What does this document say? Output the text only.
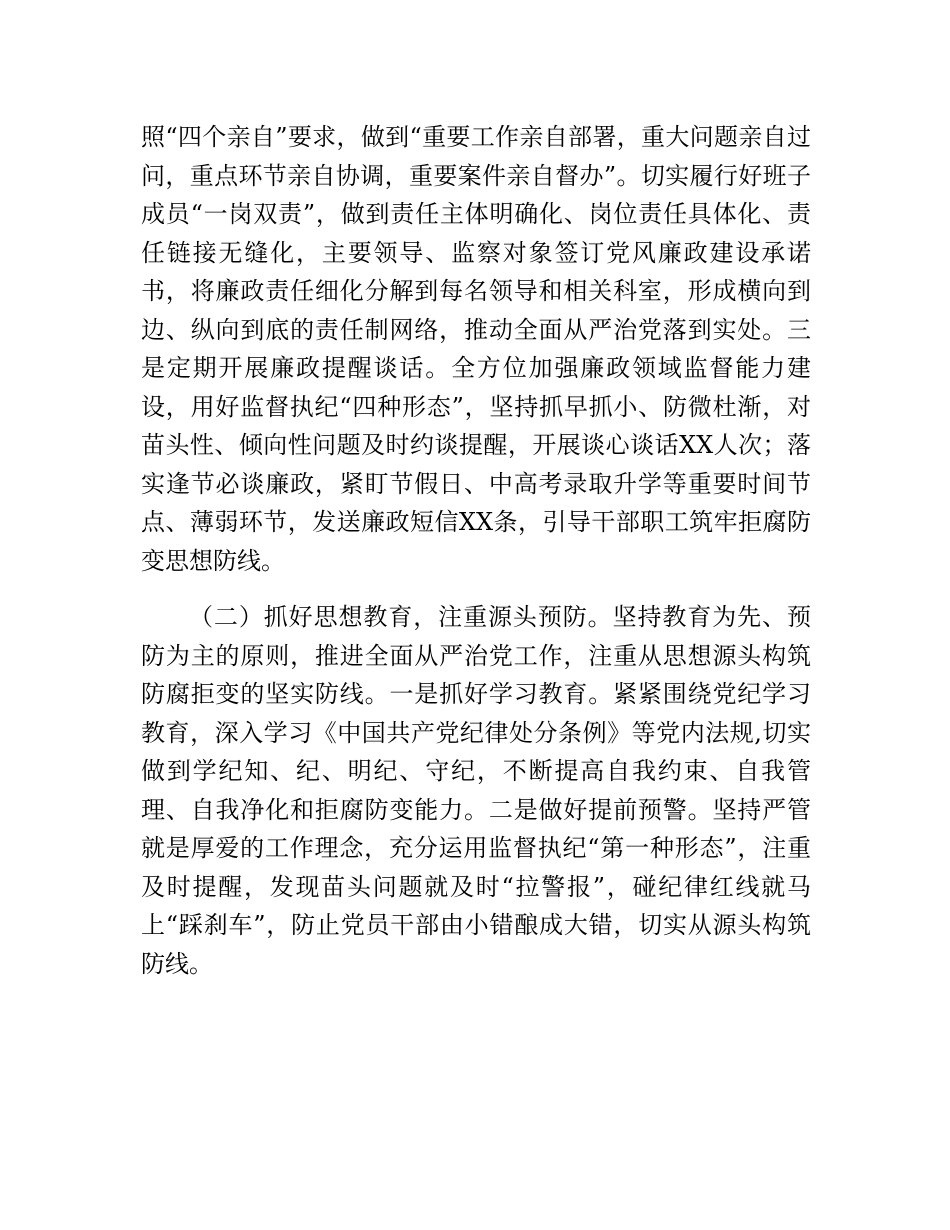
照“四个亲自”要求，做到“重要工作亲自部署，重大问题亲自过问，重点环节亲自协调，重要案件亲自督办”。切实履行好班子成员“一岗双责”，做到责任主体明确化、岗位责任具体化、责任链接无缝化，主要领导、监察对象签订党风廉政建设承诺书，将廉政责任细化分解到每名领导和相关科室，形成横向到边、纵向到底的责任制网络，推动全面从严治党落到实处。三是定期开展廉政提醒谈话。全方位加强廉政领域监督能力建设，用好监督执纪“四种形态”，坚持抓早抓小、防微杜渐，对苗头性、倾向性问题及时约谈提醒，开展谈心谈话XX人次；落实逢节必谈廉政，紧盯节假日、中高考录取升学等重要时间节点、薄弱环节，发送廉政短信XX条，引导干部职工筑牢拒腐防变思想防线。

（二）抓好思想教育，注重源头预防。坚持教育为先、预防为主的原则，推进全面从严治党工作，注重从思想源头构筑防腐拒变的坚实防线。一是抓好学习教育。紧紧围绕党纪学习教育，深入学习《中国共产党纪律处分条例》等党内法规,切实做到学纪知、纪、明纪、守纪，不断提高自我约束、自我管理、自我净化和拒腐防变能力。二是做好提前预警。坚持严管就是厚爱的工作理念，充分运用监督执纪“第一种形态”，注重及时提醒，发现苗头问题就及时“拉警报”，碰纪律红线就马上“踩刹车”，防止党员干部由小错酿成大错，切实从源头构筑防线。
